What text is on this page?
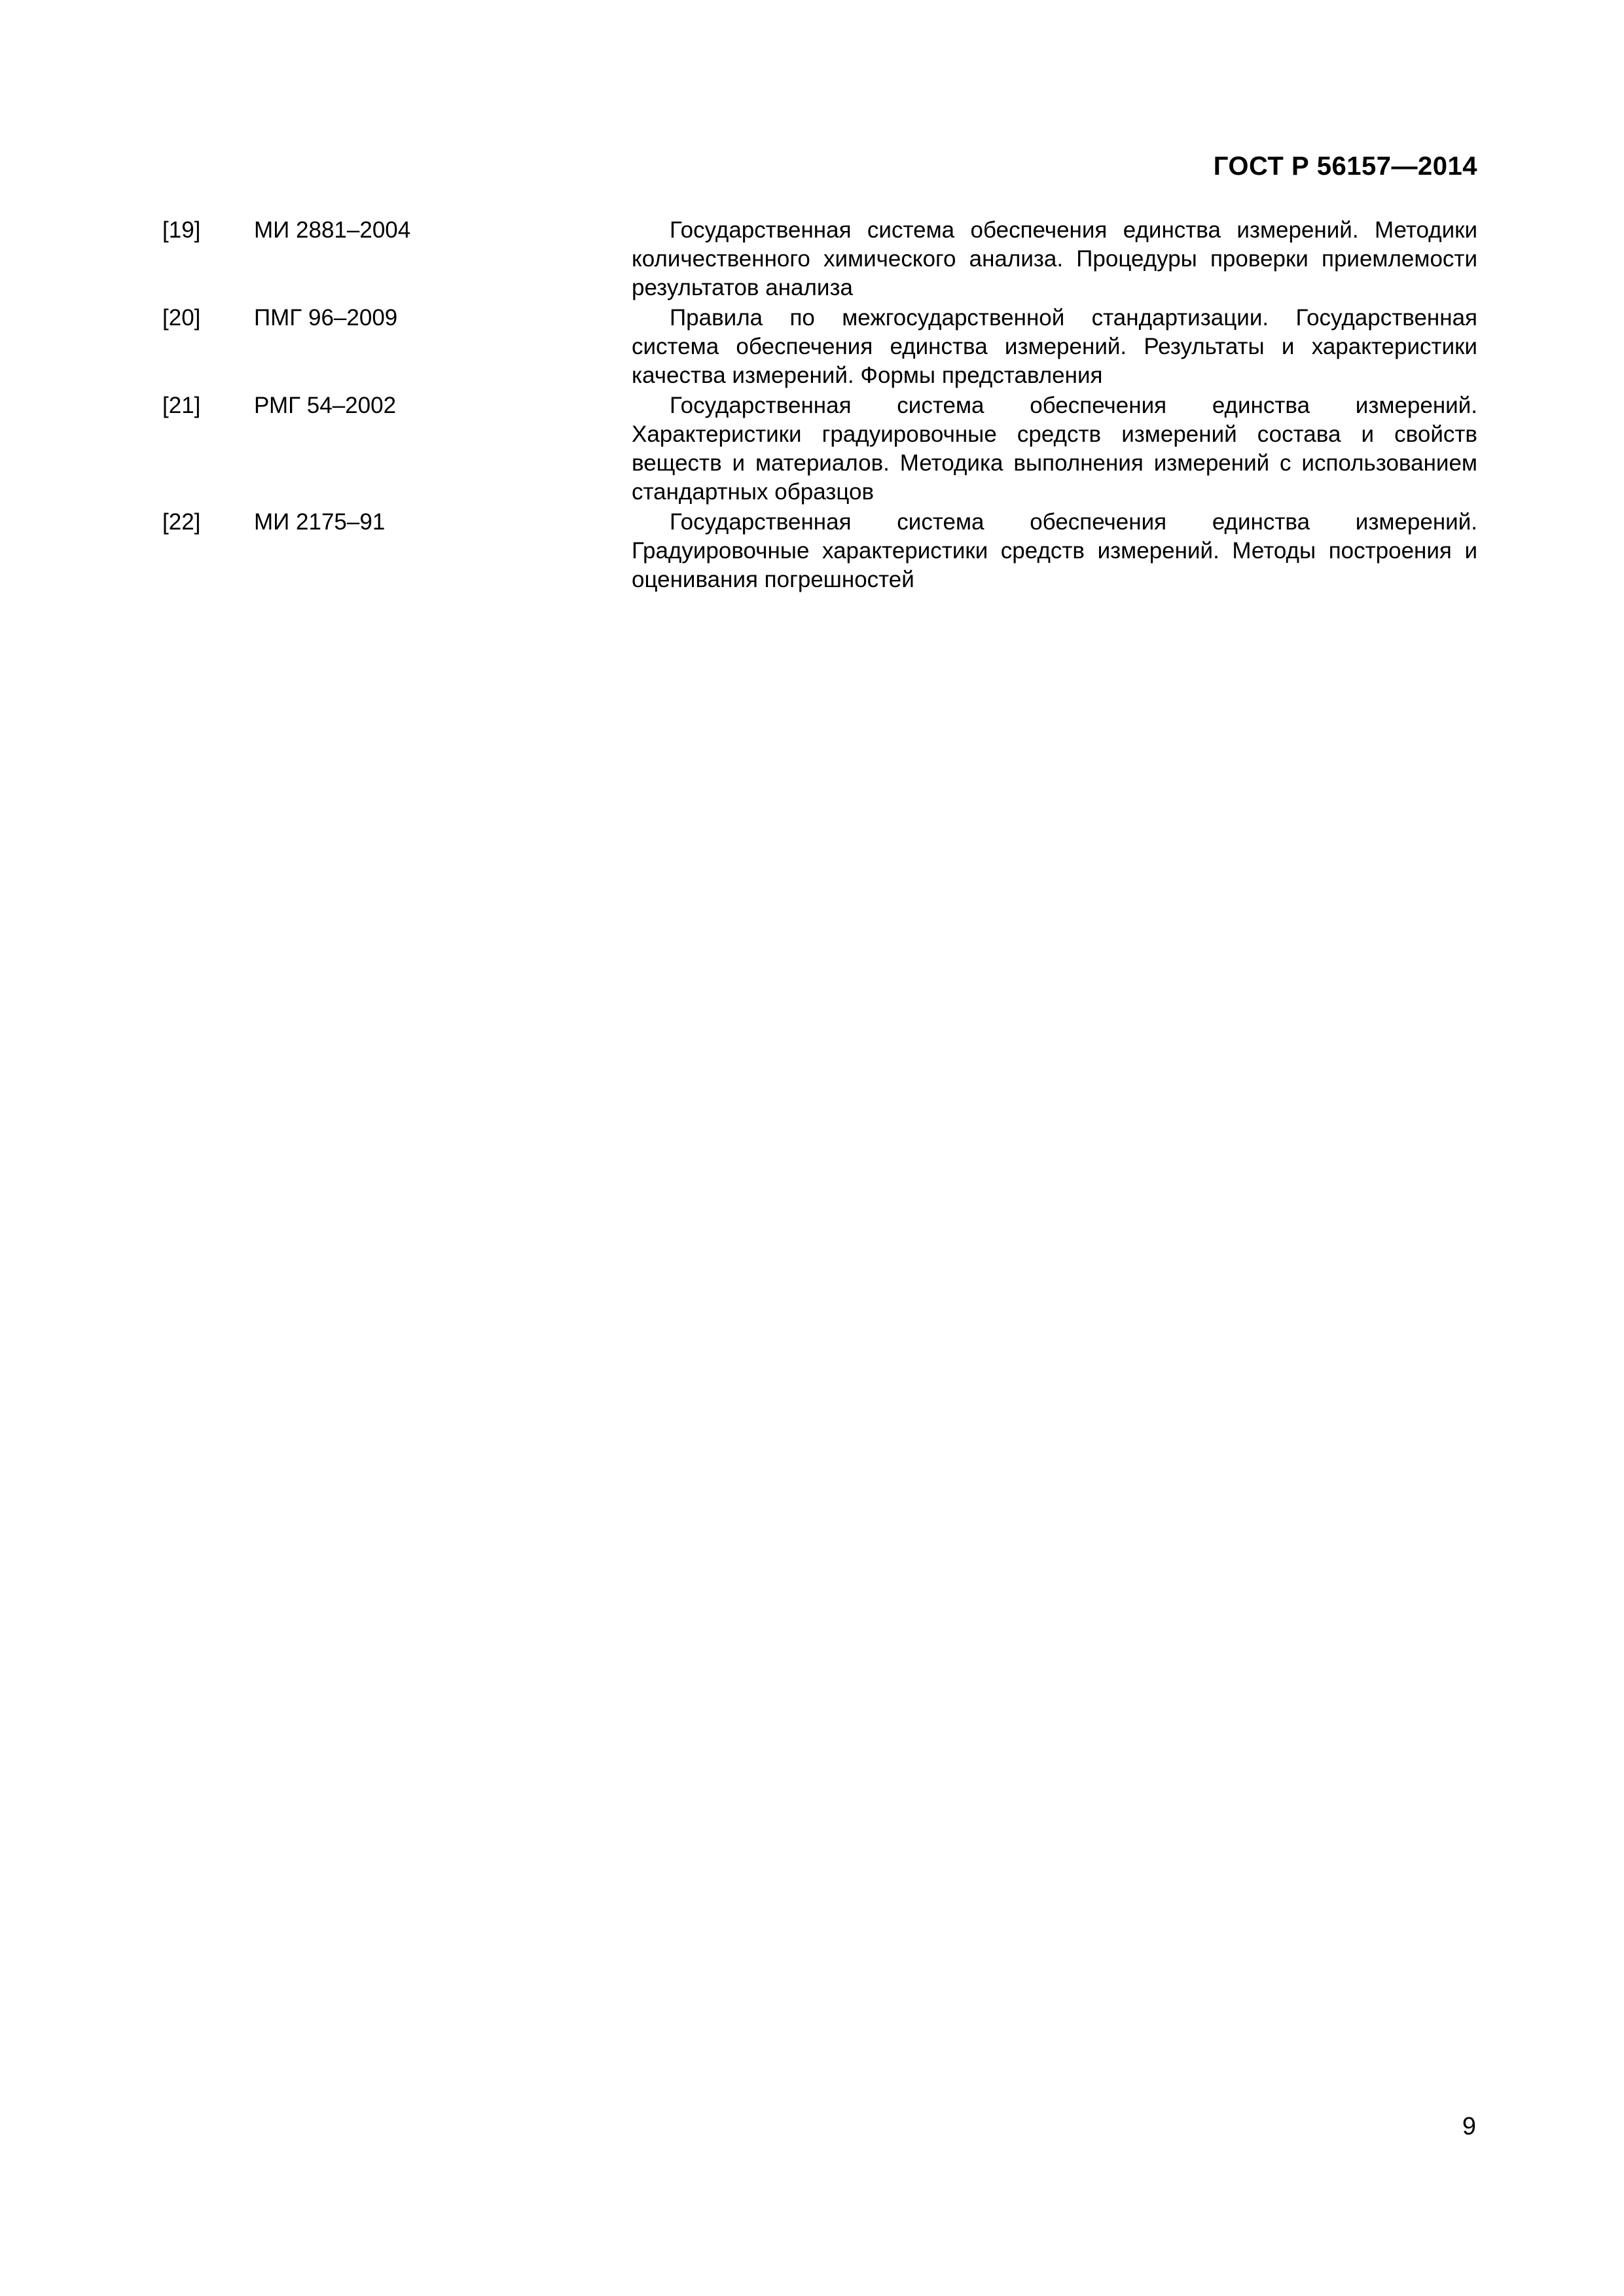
ГОСТ Р 56157—2014
[19] МИ 2881–2004	Государственная система обеспечения единства измерений. Методики количественного химического анализа. Процедуры проверки приемлемости результатов анализа
[20] ПМГ 96–2009	Правила по межгосударственной стандартизации. Государственная система обеспечения единства измерений. Результаты и характеристики качества измерений. Формы представления
[21] РМГ 54–2002	Государственная система обеспечения единства измерений. Характеристики градуировочные средств измерений состава и свойств веществ и материалов. Методика выполнения измерений с использованием стандартных образцов
[22] МИ 2175–91	Государственная система обеспечения единства измерений. Градуировочные характеристики средств измерений. Методы построения и оценивания погрешностей
9
